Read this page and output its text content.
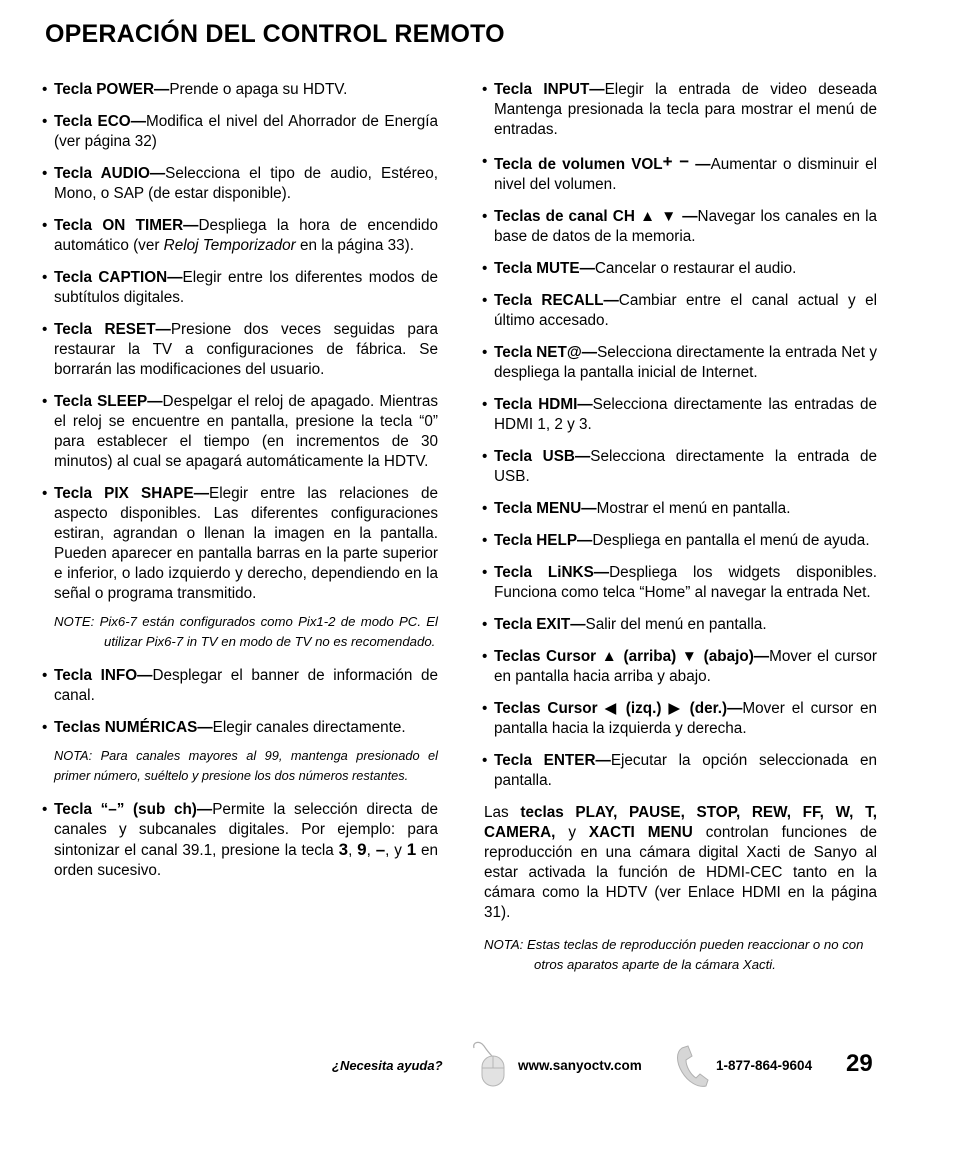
OPERACIÓN DEL CONTROL REMOTO
• Tecla POWER—Prende o apaga su HDTV.
• Tecla ECO—Modifica el nivel del Ahorrador de Energía (ver página 32)
• Tecla AUDIO—Selecciona el tipo de audio, Estéreo, Mono, o SAP (de estar disponible).
• Tecla ON TIMER—Despliega la hora de encendido automático (ver Reloj Temporizador en la página 33).
• Tecla CAPTION—Elegir entre los diferentes modos de subtítulos digitales.
• Tecla RESET—Presione dos veces seguidas para restaurar la TV a configuraciones de fábrica. Se borrarán las modificaciones del usuario.
• Tecla SLEEP—Despelgar el reloj de apagado. Mientras el reloj se encuentre en pantalla, presione la tecla “0” para establecer el tiempo (en incrementos de 30 minutos) al cual se apagará automáticamente la HDTV.
• Tecla PIX SHAPE—Elegir entre las relaciones de aspecto disponibles. Las diferentes configuraciones estiran, agrandan o llenan la imagen en la pantalla. Pueden aparecer en pantalla barras en la parte superior e inferior, o lado izquierdo y derecho, dependiendo en la señal o programa transmitido.
NOTE: Pix6-7 están configurados como Pix1-2 de modo PC. El utilizar Pix6-7 in TV en modo de TV no es recomendado.
• Tecla INFO—Desplegar el banner de información de canal.
• Teclas NUMÉRICAS—Elegir canales directamente.
NOTA: Para canales mayores al 99, mantenga presionado el primer número, suéltelo y presione los dos números restantes.
• Tecla “–” (sub ch)—Permite la selección directa de canales y subcanales digitales. Por ejemplo: para sintonizar el canal 39.1, presione la tecla 3, 9, –, y 1 en orden sucesivo.
• Tecla INPUT—Elegir la entrada de video deseada Mantenga presionada la tecla para mostrar el menú de entradas.
• Tecla de volumen VOL+ − —Aumentar o disminuir el nivel del volumen.
• Teclas de canal CH ▲ ▼ —Navegar los canales en la base de datos de la memoria.
• Tecla MUTE—Cancelar o restaurar el audio.
• Tecla RECALL—Cambiar entre el canal actual y el último accesado.
• Tecla NET@—Selecciona directamente la entrada Net y despliega la pantalla inicial de Internet.
• Tecla HDMI—Selecciona directamente las entradas de HDMI 1, 2 y 3.
• Tecla USB—Selecciona directamente la entrada de USB.
• Tecla MENU—Mostrar el menú en pantalla.
• Tecla HELP—Despliega en pantalla el menú de ayuda.
• Tecla LiNKS—Despliega los widgets disponibles. Funciona como telca “Home” al navegar la entrada Net.
• Tecla EXIT—Salir del menú en pantalla.
• Teclas Cursor ▲ (arriba) ▼ (abajo)—Mover el cursor en pantalla hacia arriba y abajo.
• Teclas Cursor ◀ (izq.) ▶ (der.)—Mover el cursor en pantalla hacia la izquierda y derecha.
• Tecla ENTER—Ejecutar la opción seleccionada en pantalla.
Las teclas PLAY, PAUSE, STOP, REW, FF, W, T, CAMERA, y XACTI MENU controlan funciones de reproducción en una cámara digital Xacti de Sanyo al estar activada la función de HDMI-CEC tanto en la cámara como la HDTV (ver Enlace HDMI en la página 31).
NOTA: Estas teclas de reproducción pueden reaccionar o no con otros aparatos aparte de la cámara Xacti.
¿Necesita ayuda?	www.sanyoctv.com	1-877-864-9604 29
